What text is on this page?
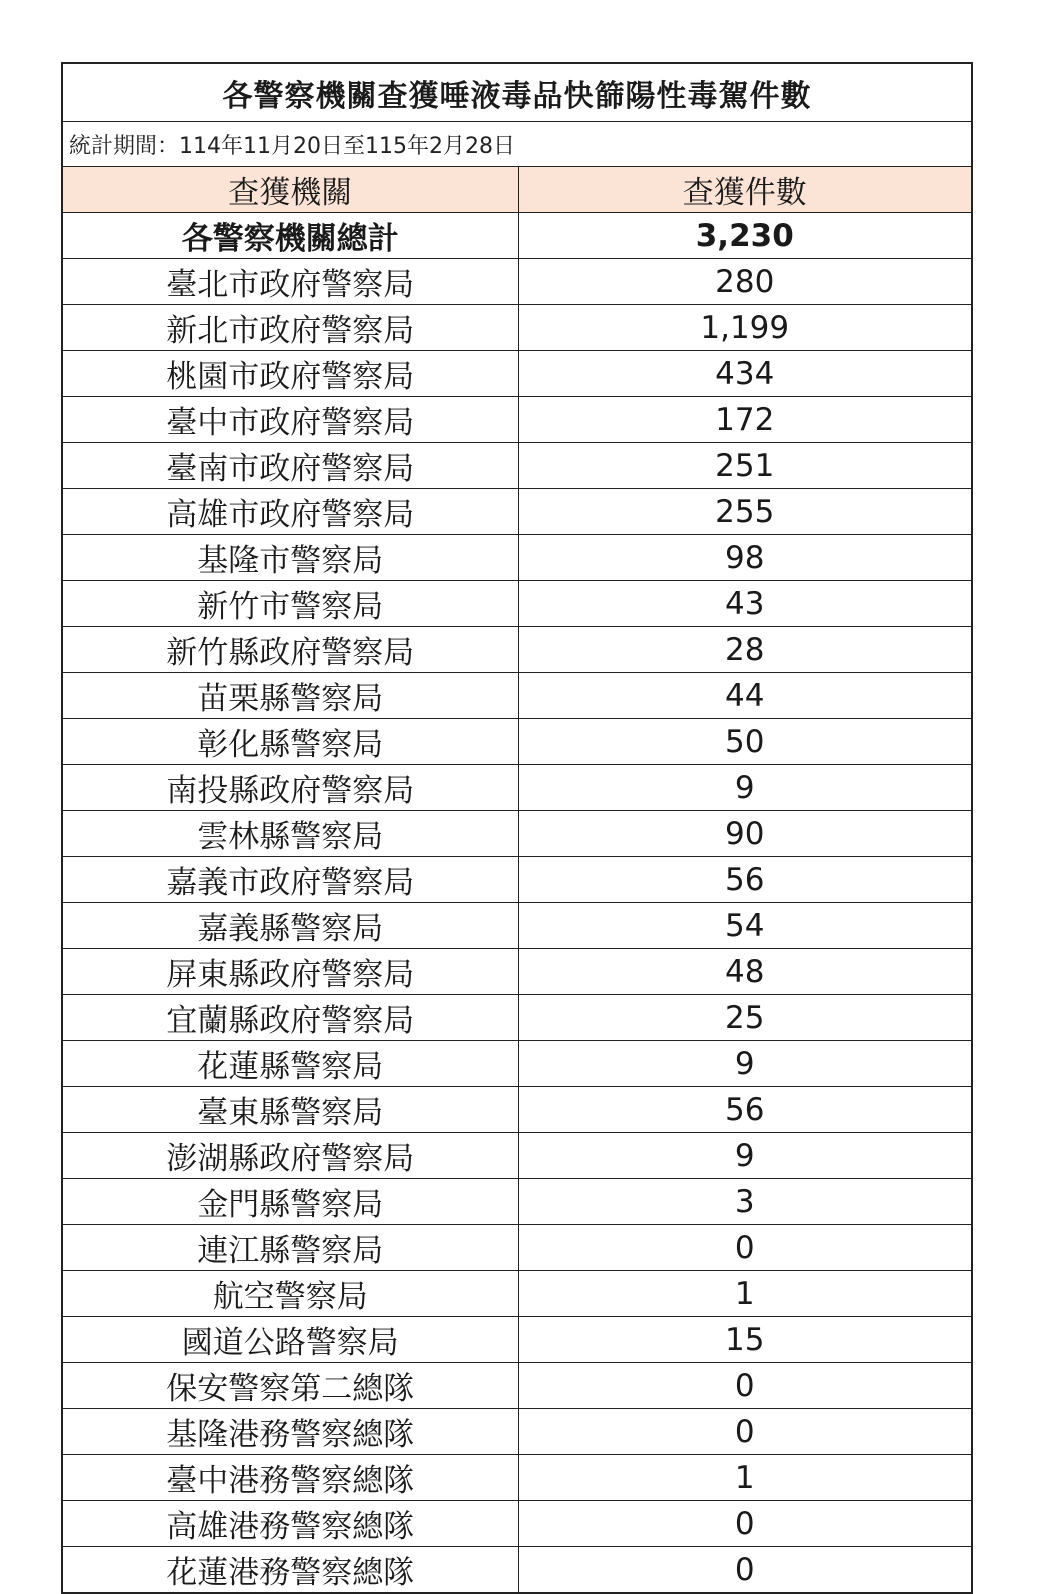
各警察機關查獲唾液毒品快篩陽性毒駕件數
統計期間：114年11月20日至115年2月28日
查獲機關	查獲件數
各警察機關總計	3,230
臺北市政府警察局	280
新北市政府警察局	1,199
桃園市政府警察局	434
臺中市政府警察局	172
臺南市政府警察局	251
高雄市政府警察局	255
基隆市警察局	98
新竹市警察局	43
新竹縣政府警察局	28
苗栗縣警察局	44
彰化縣警察局	50
南投縣政府警察局	9
雲林縣警察局	90
嘉義市政府警察局	56
嘉義縣警察局	54
屏東縣政府警察局	48
宜蘭縣政府警察局	25
花蓮縣警察局	9
臺東縣警察局	56
澎湖縣政府警察局	9
金門縣警察局	3
連江縣警察局	0
航空警察局	1
國道公路警察局	15
保安警察第二總隊	0
基隆港務警察總隊	0
臺中港務警察總隊	1
高雄港務警察總隊	0
花蓮港務警察總隊	0
